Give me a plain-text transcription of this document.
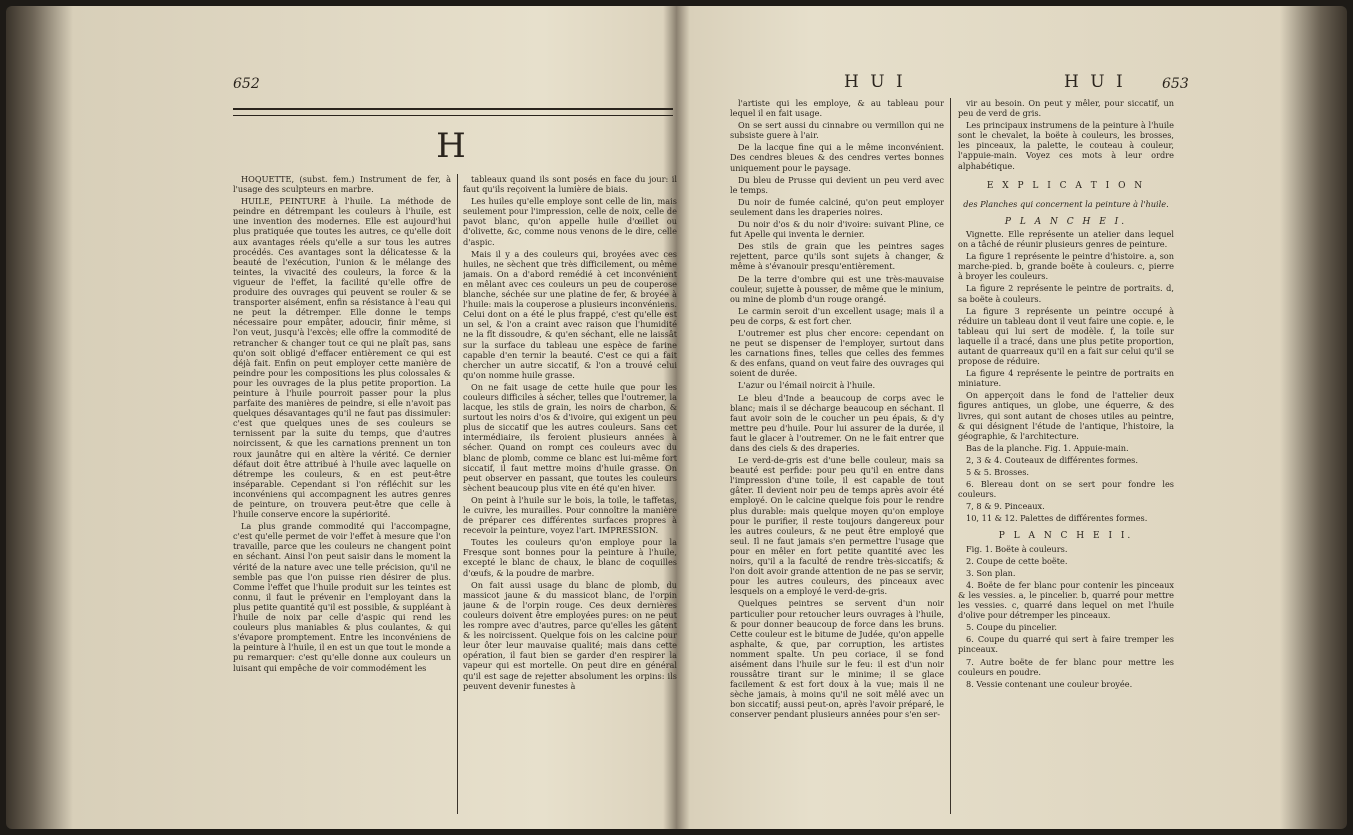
652
H

HOQUETTE, (subst. fem.) Instrument de fer, à l'usage des sculpteurs en marbre.

HUILE, PEINTURE à l'huile. La méthode de peindre en détrempant les couleurs à l'huile, est une invention des modernes. Elle est aujourd'hui plus pratiquée que toutes les autres, ce qu'elle doit aux avantages réels qu'elle a sur tous les autres procédés. Ces avantages sont la délicatesse & la beauté de l'exécution, l'union & le mélange des teintes, la vivacité des couleurs, la force & la vigueur de l'effet, la facilité qu'elle offre de produire des ouvrages qui peuvent se rouler & se transporter aisément, enfin sa résistance à l'eau qui ne peut la détremper. Elle donne le temps nécessaire pour empâter, adoucir, finir même, si l'on veut, jusqu'à l'excès; elle offre la commodité de retrancher & changer tout ce qui ne plaît pas, sans qu'on soit obligé d'effacer entièrement ce qui est déjà fait. Enfin on peut employer cette manière de peindre pour les compositions les plus colossales & pour les ouvrages de la plus petite proportion. La peinture à l'huile pourroit passer pour la plus parfaite des manières de peindre, si elle n'avoit pas quelques désavantages qu'il ne faut pas dissimuler: c'est que quelques unes de ses couleurs se ternissent par la suite du temps, que d'autres noircissent, & que les carnations prennent un ton roux jaunâtre qui en altère la vérité. Ce dernier défaut doit être attribué à l'huile avec laquelle on détrempe les couleurs, & en est peut-être inséparable. Cependant si l'on réfléchit sur les inconvéniens qui accompagnent les autres genres de peinture, on trouvera peut-être que celle à l'huile conserve encore la supériorité.

La plus grande commodité qui l'accompagne, c'est qu'elle permet de voir l'effet à mesure que l'on travaille, parce que les couleurs ne changent point en séchant. Ainsi l'on peut saisir dans le moment la vérité de la nature avec une telle précision, qu'il ne semble pas que l'on puisse rien désirer de plus. Comme l'effet que l'huile produit sur les teintes est connu, il faut le prévenir en l'employant dans la plus petite quantité qu'il est possible, & suppléant à l'huile de noix par celle d'aspic qui rend les couleurs plus maniables & plus coulantes, & qui s'évapore promptement. Entre les inconvéniens de la peinture à l'huile, il en est un que tout le monde a pu remarquer: c'est qu'elle donne aux couleurs un luisant qui empêche de voir commodément les

tableaux quand ils sont posés en face du jour: il faut qu'ils reçoivent la lumière de biais.

Les huiles qu'elle employe sont celle de lin, mais seulement pour l'impression, celle de noix, celle de pavot blanc, qu'on appelle huile d'œillet ou d'olivette, &c, comme nous venons de le dire, celle d'aspic.

Mais il y a des couleurs qui, broyées avec ces huiles, ne sèchent que très difficilement, ou même jamais. On a d'abord remédié à cet inconvénient en mêlant avec ces couleurs un peu de couperose blanche, séchée sur une platine de fer, & broyée à l'huile: mais la couperose a plusieurs inconvéniens. Celui dont on a été le plus frappé, c'est qu'elle est un sel, & l'on a craint avec raison que l'humidité ne la fît dissoudre, & qu'en séchant, elle ne laissât sur la surface du tableau une espèce de farine capable d'en ternir la beauté. C'est ce qui a fait chercher un autre siccatif, & l'on a trouvé celui qu'on nomme huile grasse.

On ne fait usage de cette huile que pour les couleurs difficiles à sécher, telles que l'outremer, la lacque, les stils de grain, les noirs de charbon, & surtout les noirs d'os & d'ivoire, qui exigent un peu plus de siccatif que les autres couleurs. Sans cet intermédiaire, ils feroient plusieurs années à sécher. Quand on rompt ces couleurs avec du blanc de plomb, comme ce blanc est lui-même fort siccatif, il faut mettre moins d'huile grasse. On peut observer en passant, que toutes les couleurs sèchent beaucoup plus vite en été qu'en hiver.

On peint à l'huile sur le bois, la toile, le taffetas, le cuivre, les murailles. Pour connoître la manière de préparer ces différentes surfaces propres à recevoir la peinture, voyez l'art. IMPRESSION.

Toutes les couleurs qu'on employe pour la Fresque sont bonnes pour la peinture à l'huile, excepté le blanc de chaux, le blanc de coquilles d'œufs, & la poudre de marbre.

On fait aussi usage du blanc de plomb, du massicot jaune & du massicot blanc, de l'orpin jaune & de l'orpin rouge. Ces deux dernières couleurs doivent être employées pures: on ne peut les rompre avec d'autres, parce qu'elles les gâtent & les noircissent. Quelque fois on les calcine pour leur ôter leur mauvaise qualité; mais dans cette opération, il faut bien se garder d'en respirer la vapeur qui est mortelle. On peut dire en général qu'il est sage de rejetter absolument les orpins: ils peuvent devenir funestes à

H U I	H U I	653

l'artiste qui les employe, & au tableau pour lequel il en fait usage.

On se sert aussi du cinnabre ou vermillon qui ne subsiste guere à l'air.

De la lacque fine qui a le même inconvénient. Des cendres bleues & des cendres vertes bonnes uniquement pour le paysage.

Du bleu de Prusse qui devient un peu verd avec le temps.

Du noir de fumée calciné, qu'on peut employer seulement dans les draperies noires.

Du noir d'os & du noir d'ivoire: suivant Pline, ce fut Apelle qui inventa le dernier.

Des stils de grain que les peintres sages rejettent, parce qu'ils sont sujets à changer, & même à s'évanouir presqu'entièrement.

De la terre d'ombre qui est une très-mauvaise couleur, sujette à pousser, de même que le minium, ou mine de plomb d'un rouge orangé.

Le carmin seroit d'un excellent usage; mais il a peu de corps, & est fort cher.

L'outremer est plus cher encore: cependant on ne peut se dispenser de l'employer, surtout dans les carnations fines, telles que celles des femmes & des enfans, quand on veut faire des ouvrages qui soient de durée.

L'azur ou l'émail noircit à l'huile.

Le bleu d'Inde a beaucoup de corps avec le blanc; mais il se décharge beaucoup en séchant. Il faut avoir soin de le coucher un peu épais, & d'y mettre peu d'huile. Pour lui assurer de la durée, il faut le glacer à l'outremer. On ne le fait entrer que dans des ciels & des draperies.

Le verd-de-gris est d'une belle couleur, mais sa beauté est perfide: pour peu qu'il en entre dans l'impression d'une toile, il est capable de tout gâter. Il devient noir peu de temps après avoir été employé. On le calcine quelque fois pour le rendre plus durable: mais quelque moyen qu'on employe pour le purifier, il reste toujours dangereux pour les autres couleurs, & ne peut être employé que seul. Il ne faut jamais s'en permettre l'usage que pour en mêler en fort petite quantité avec les noirs, qu'il a la faculté de rendre très-siccatifs; & l'on doit avoir grande attention de ne pas se servir, pour les autres couleurs, des pinceaux avec lesquels on a employé le verd-de-gris.

Quelques peintres se servent d'un noir particulier pour retoucher leurs ouvrages à l'huile, & pour donner beaucoup de force dans les bruns. Cette couleur est le bitume de Judée, qu'on appelle asphalte, & que, par corruption, les artistes nomment spalte. Un peu coriace, il se fond aisément dans l'huile sur le feu: il est d'un noir roussâtre tirant sur le minime; il se glace facilement & est fort doux à la vue; mais il ne sèche jamais, à moins qu'il ne soit mêlé avec un bon siccatif; aussi peut-on, après l'avoir préparé, le conserver pendant plusieurs années pour s'en ser-

vir au besoin. On peut y mêler, pour siccatif, un peu de verd de gris.

Les principaux instrumens de la peinture à l'huile sont le chevalet, la boëte à couleurs, les brosses, les pinceaux, la palette, le couteau à couleur, l'appuie-main. Voyez ces mots à leur ordre alphabétique.

E X P L I C A T I O N

des Planches qui concernent la peinture à l'huile.

P L A N C H E I.

Vignette. Elle représente un atelier dans lequel on a tâché de réunir plusieurs genres de peinture.

La figure 1 représente le peintre d'histoire. a, son marche-pied. b, grande boëte à couleurs. c, pierre à broyer les couleurs.

La figure 2 représente le peintre de portraits. d, sa boëte à couleurs.

La figure 3 représente un peintre occupé à réduire un tableau dont il veut faire une copie. e, le tableau qui lui sert de modèle. f, la toile sur laquelle il a tracé, dans une plus petite proportion, autant de quarreaux qu'il en a fait sur celui qu'il se propose de réduire.

La figure 4 représente le peintre de portraits en miniature.

On apperçoit dans le fond de l'attelier deux figures antiques, un globe, une équerre, & des livres, qui sont autant de choses utiles au peintre, & qui désignent l'étude de l'antique, l'histoire, la géographie, & l'architecture.

Bas de la planche. Fig. 1. Appuie-main.

2, 3 & 4. Couteaux de différentes formes.

5 & 5. Brosses.

6. Blereau dont on se sert pour fondre les couleurs.

7, 8 & 9. Pinceaux.

10, 11 & 12. Palettes de différentes formes.

P L A N C H E I I.

Fig. 1. Boëte à couleurs.

2. Coupe de cette boëte.

3. Son plan.

4. Boëte de fer blanc pour contenir les pinceaux & les vessies. a, le pincelier. b, quarré pour mettre les vessies. c, quarré dans lequel on met l'huile d'olive pour détremper les pinceaux.

5. Coupe du pincelier.

6. Coupe du quarré qui sert à faire tremper les pinceaux.

7. Autre boëte de fer blanc pour mettre les couleurs en poudre.

8. Vessie contenant une couleur broyée.
